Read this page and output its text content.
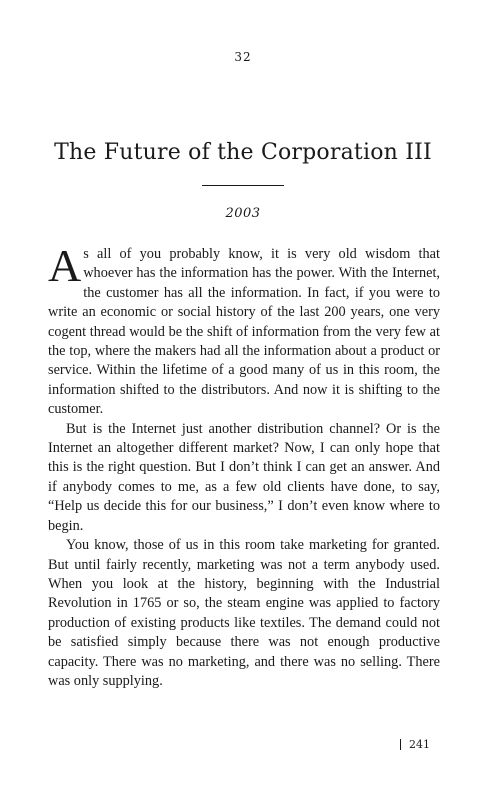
32
The Future of the Corporation III
2003

As all of you probably know, it is very old wisdom that whoever has the information has the power. With the Internet, the customer has all the information. In fact, if you were to write an economic or social history of the last 200 years, one very cogent thread would be the shift of information from the very few at the top, where the makers had all the information about a product or service. Within the lifetime of a good many of us in this room, the information shifted to the distributors. And now it is shifting to the customer.

But is the Internet just another distribution channel? Or is the Internet an altogether different market? Now, I can only hope that this is the right question. But I don’t think I can get an answer. And if anybody comes to me, as a few old clients have done, to say, “Help us decide this for our business,” I don’t even know where to begin.

You know, those of us in this room take marketing for granted. But until fairly recently, marketing was not a term anybody used. When you look at the history, beginning with the Industrial Revolution in 1765 or so, the steam engine was applied to factory production of existing products like textiles. The demand could not be satisfied simply because there was not enough productive capacity. There was no marketing, and there was no selling. There was only supplying.

241
